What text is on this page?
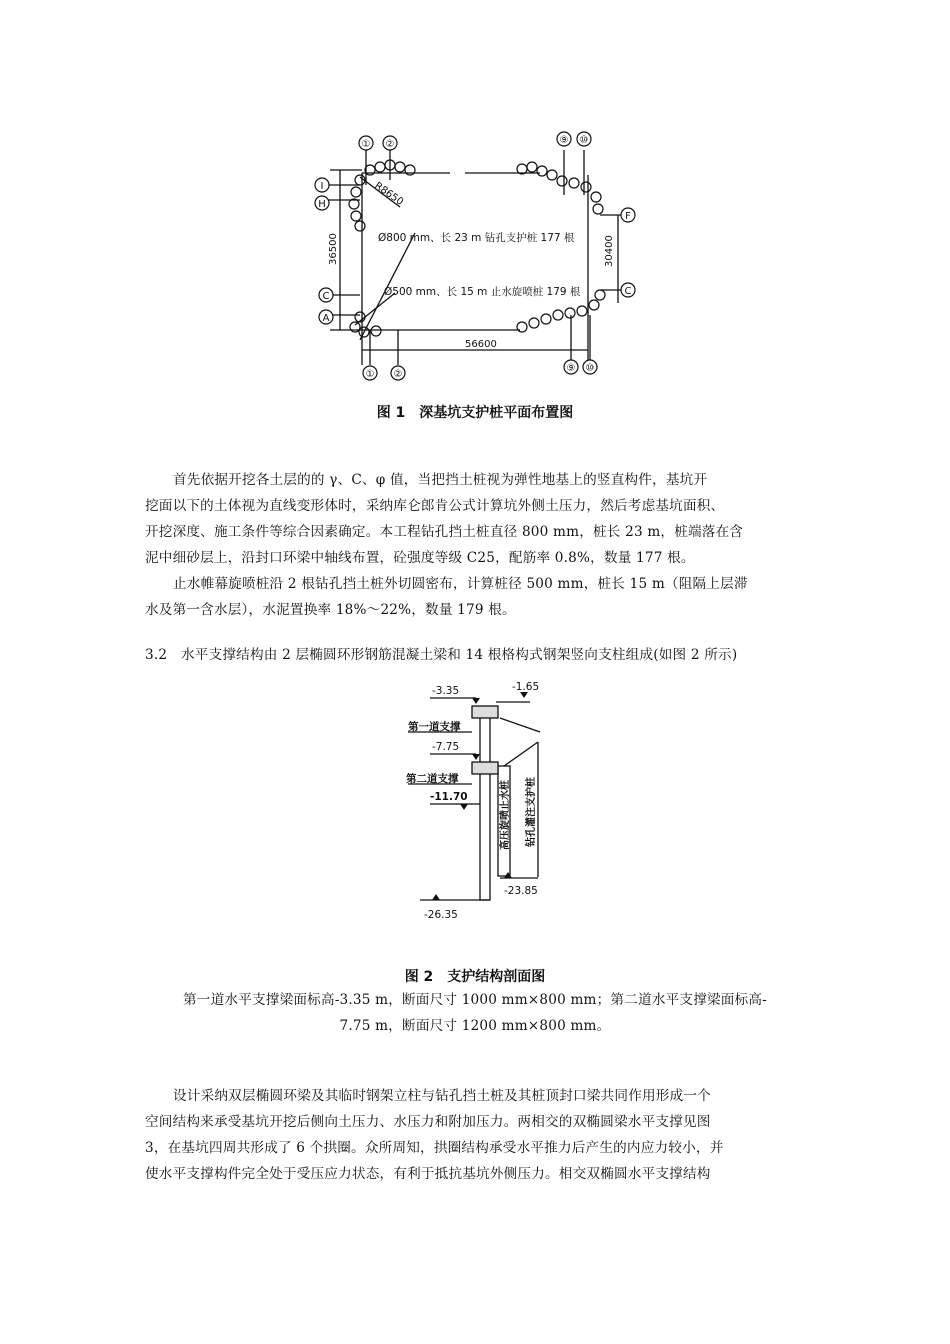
① ②	⑨ ⑩
① ②
⑨ ⑩
I
H
C
A
F
C
R8650
36500	30400
56600
Ø800 mm、长 23 m 钻孔支护桩 177 根
Ø500 mm、长 15 m 止水旋喷桩 179 根
图 1　深基坑支护桩平面布置图
首先依据开挖各土层的的 γ、C、φ 值，当把挡土桩视为弹性地基上的竖直构件，基坑开
挖面以下的土体视为直线变形体时，采纳库仑郎肯公式计算坑外侧土压力，然后考虑基坑面积、
开挖深度、施工条件等综合因素确定。本工程钻孔挡土桩直径 800 mm，桩长 23 m，桩端落在含
泥中细砂层上，沿封口环梁中轴线布置，砼强度等级 C25，配筋率 0.8%，数量 177 根。
止水帷幕旋喷桩沿 2 根钻孔挡土桩外切圆密布，计算桩径 500 mm，桩长 15 m（阻隔上层滞
水及第一含水层），水泥置换率 18%～22%，数量 179 根。
3.2　水平支撑结构由 2 层椭圆环形钢筋混凝土梁和 14 根格构式钢架竖向支柱组成(如图 2 所示)
-3.35	-1.65
第一道支撑
-7.75
第二道支撑
-11.70
-26.35
-23.85
高压旋喷止水桩 钻孔灌注支护桩
图 2　支护结构剖面图
第一道水平支撑梁面标高-3.35 m，断面尺寸 1000 mm×800 mm；第二道水平支撑梁面标高-
7.75 m，断面尺寸 1200 mm×800 mm。
设计采纳双层椭圆环梁及其临时钢架立柱与钻孔挡土桩及其桩顶封口梁共同作用形成一个
空间结构来承受基坑开挖后侧向土压力、水压力和附加压力。两相交的双椭圆梁水平支撑见图
3，在基坑四周共形成了 6 个拱圈。众所周知，拱圈结构承受水平推力后产生的内应力较小，并
使水平支撑构件完全处于受压应力状态，有利于抵抗基坑外侧压力。相交双椭圆水平支撑结构
